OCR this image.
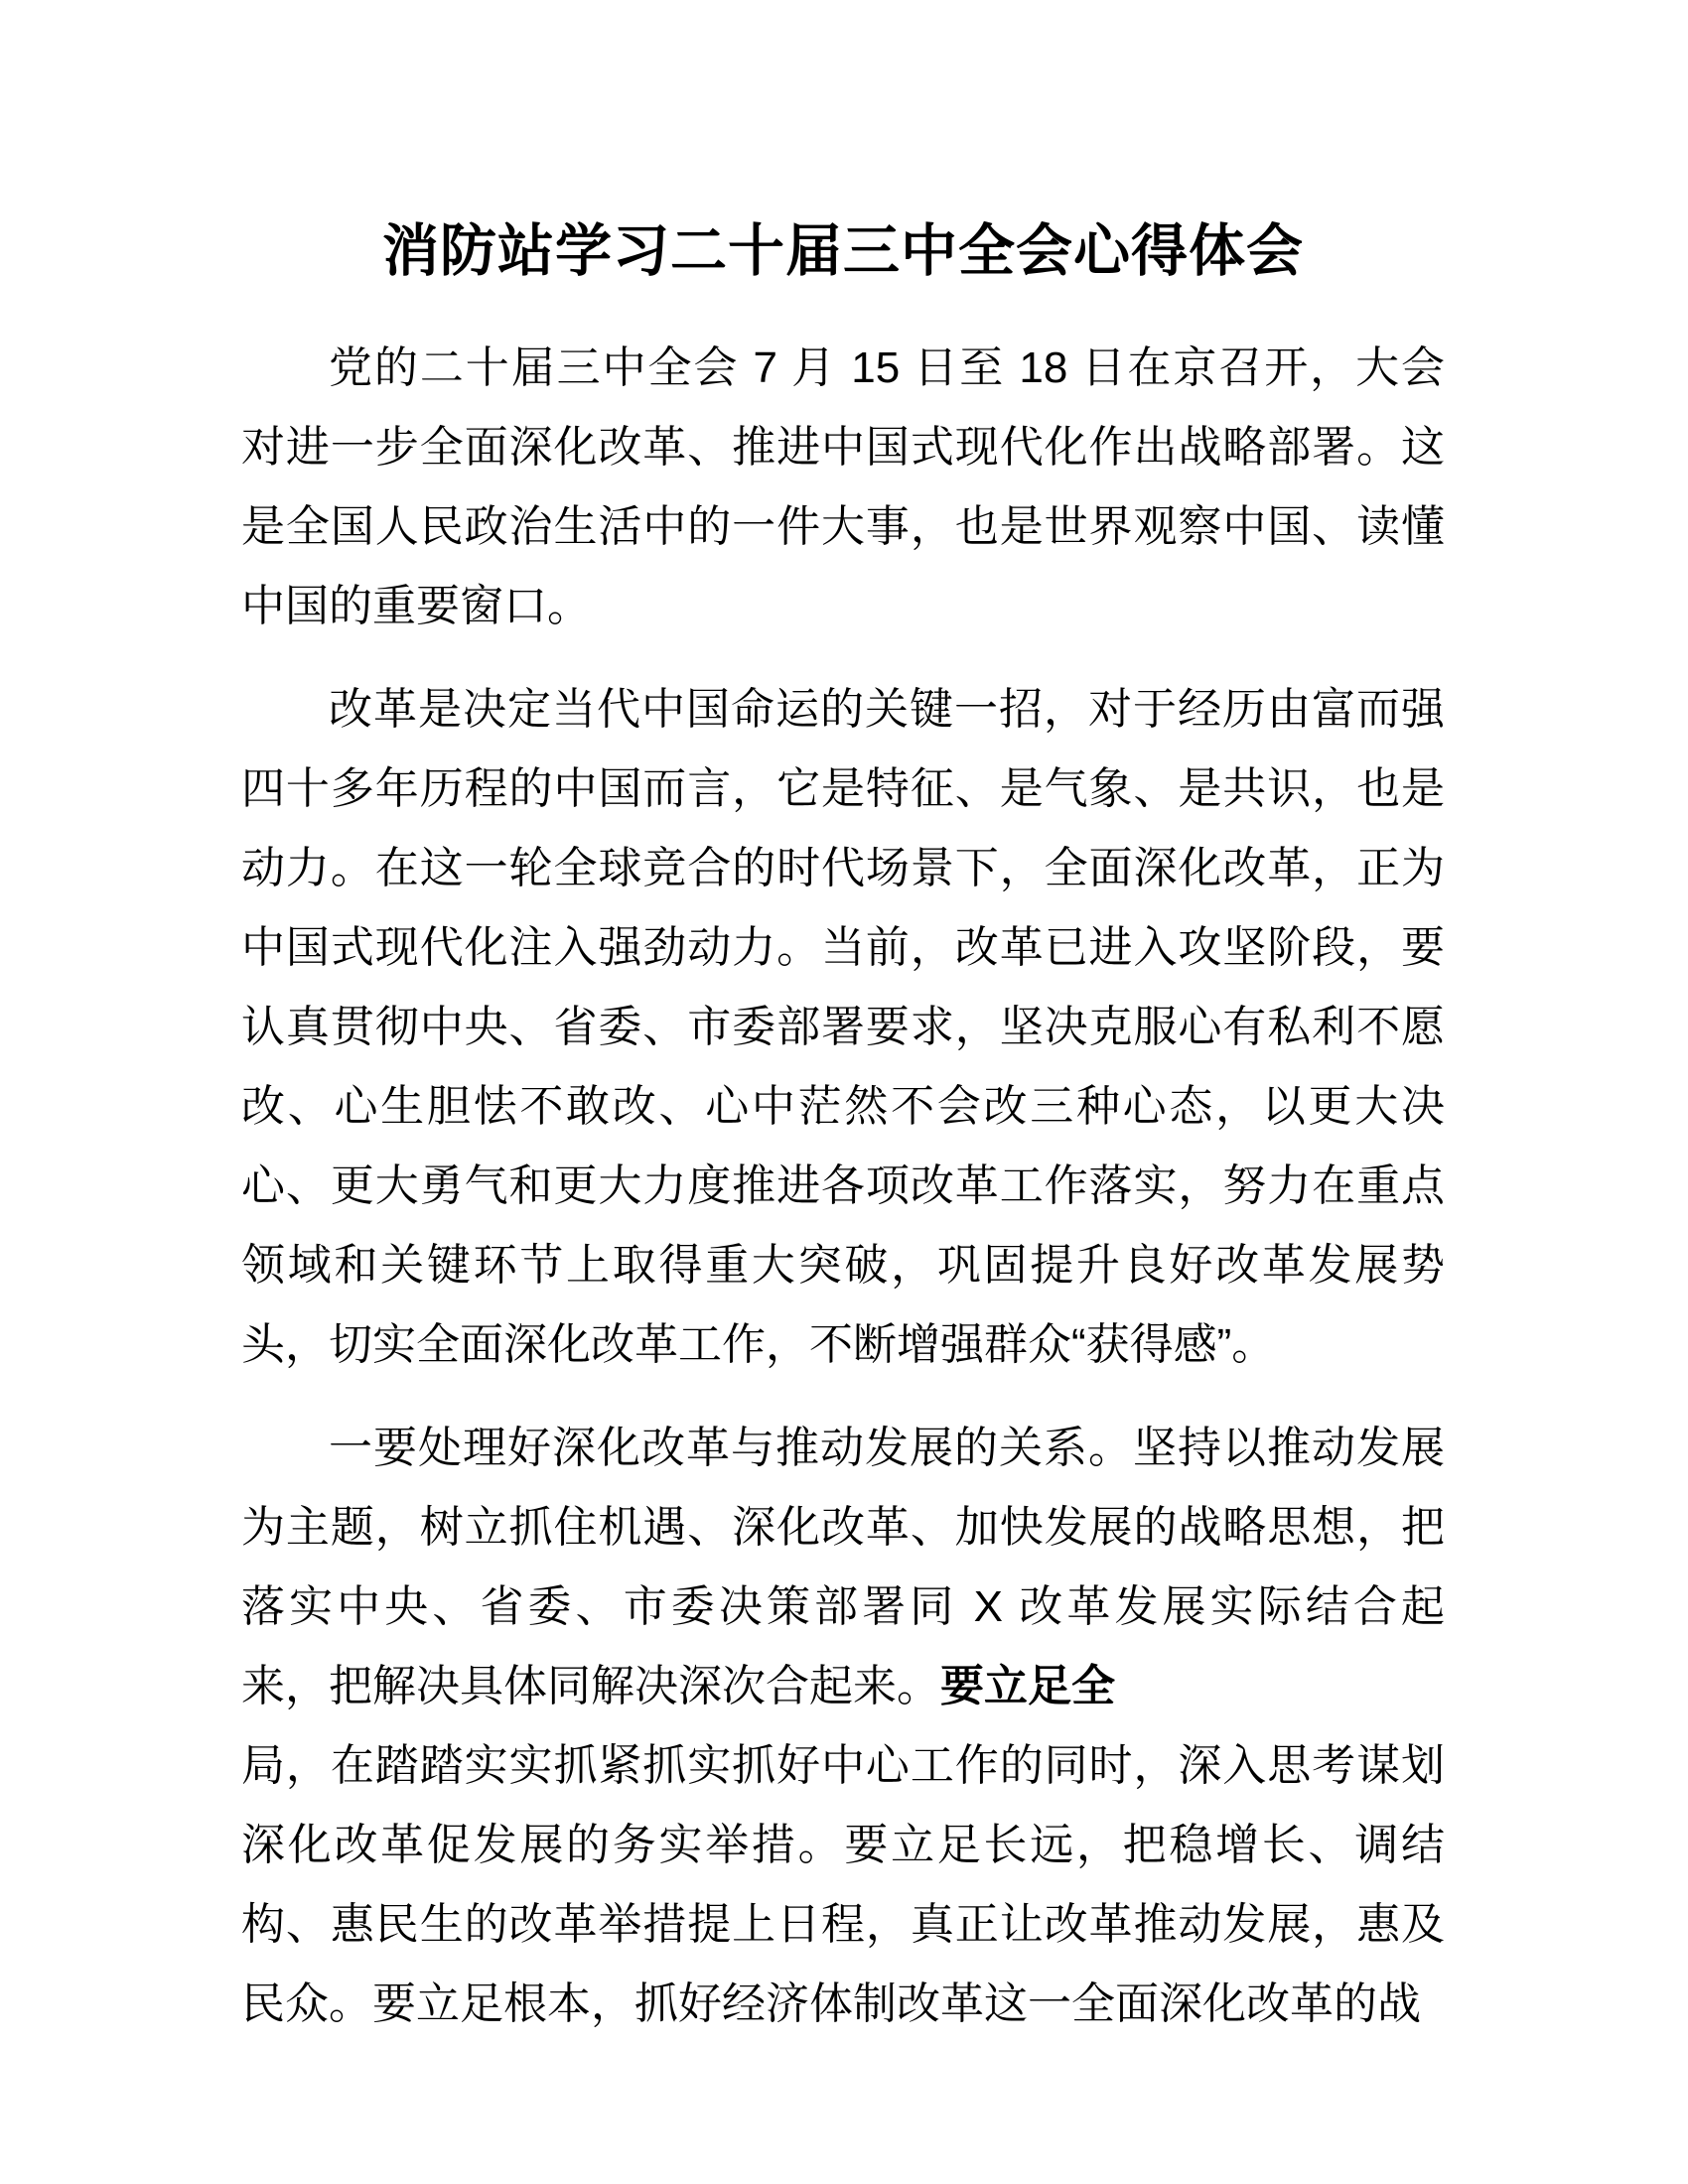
消防站学习二十届三中全会心得体会
党的二十届三中全会 7 月 15 日至 18 日在京召开，大会
对进一步全面深化改革、推进中国式现代化作出战略部署。这
是全国人民政治生活中的一件大事，也是世界观察中国、读懂
中国的重要窗口。
改革是决定当代中国命运的关键一招，对于经历由富而强
四十多年历程的中国而言，它是特征、是气象、是共识，也是
动力。在这一轮全球竞合的时代场景下，全面深化改革，正为
中国式现代化注入强劲动力。当前，改革已进入攻坚阶段，要
认真贯彻中央、省委、市委部署要求，坚决克服心有私利不愿
改、心生胆怯不敢改、心中茫然不会改三种心态，以更大决
心、更大勇气和更大力度推进各项改革工作落实，努力在重点
领域和关键环节上取得重大突破，巩固提升良好改革发展势
头，切实全面深化改革工作，不断增强群众“获得感”。
一要处理好深化改革与推动发展的关系。坚持以推动发展
为主题，树立抓住机遇、深化改革、加快发展的战略思想，把
落实中央、省委、市委决策部署同 X 改革发展实际结合起
来，把解决具体同解决深次合起来。要立足全
局，在踏踏实实抓紧抓实抓好中心工作的同时，深入思考谋划
深化改革促发展的务实举措。要立足长远，把稳增长、调结
构、惠民生的改革举措提上日程，真正让改革推动发展，惠及
民众。要立足根本，抓好经济体制改革这一全面深化改革的战
